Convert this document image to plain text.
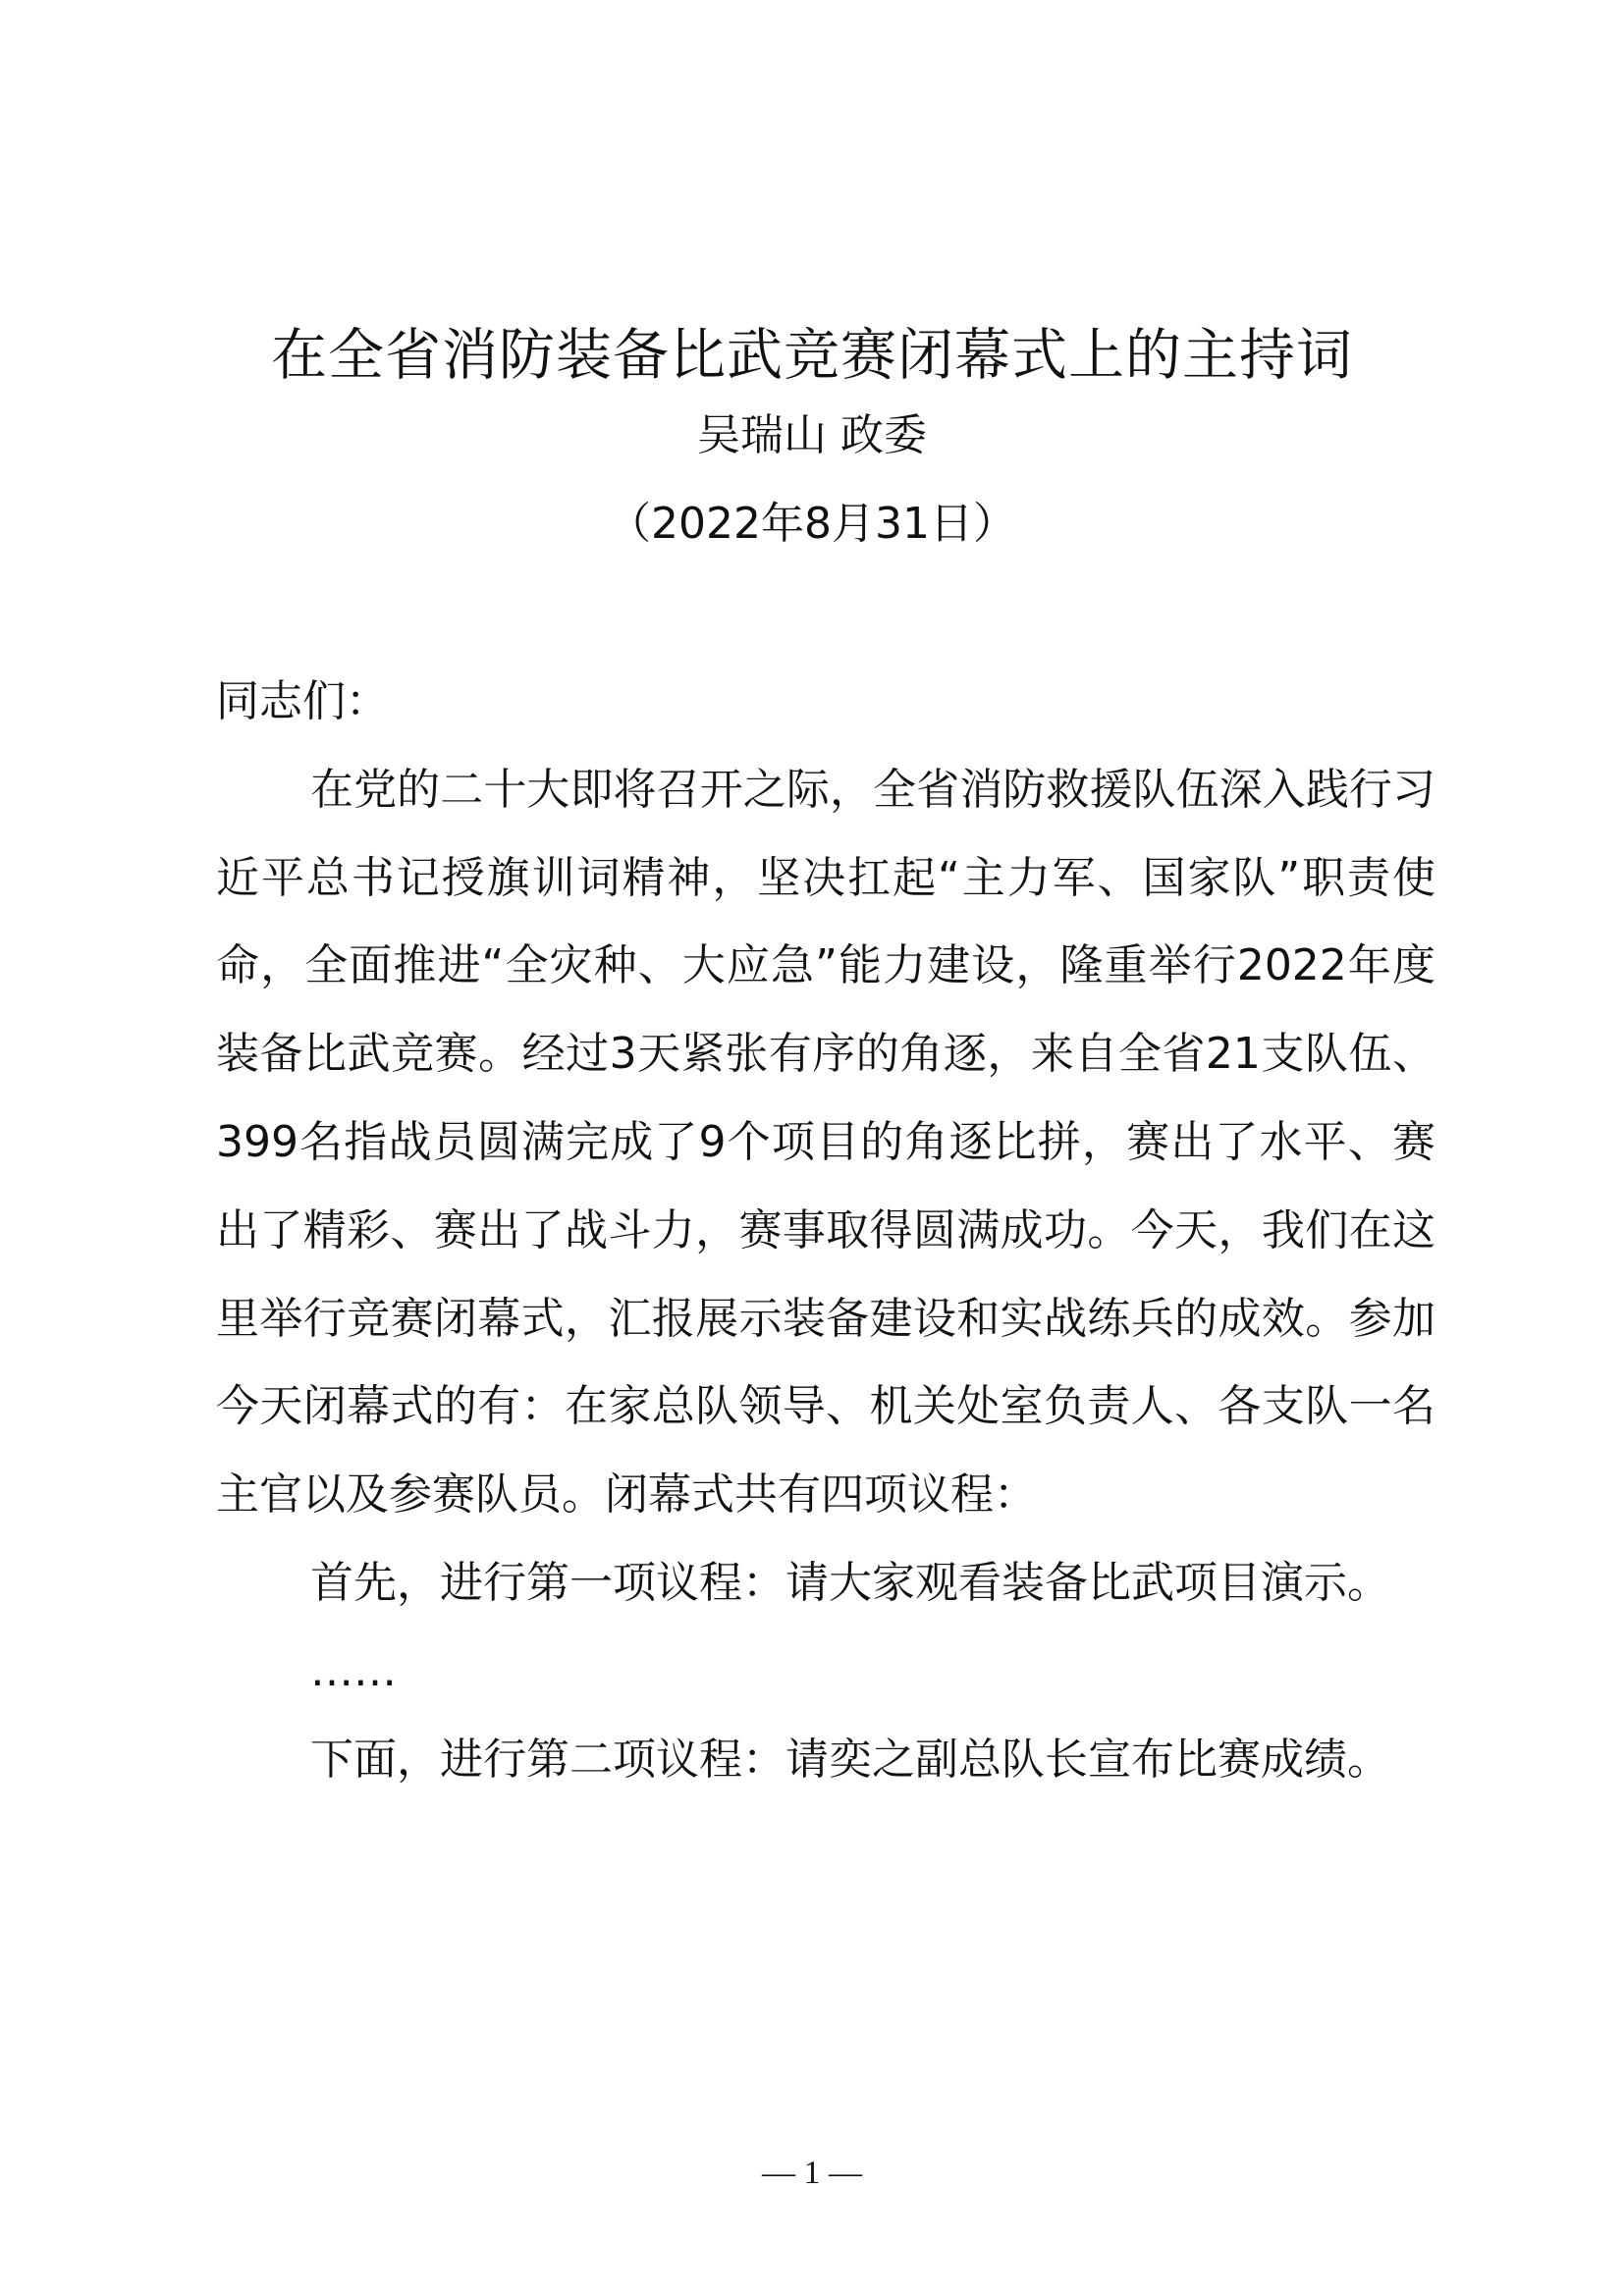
在全省消防装备比武竞赛闭幕式上的主持词
吴瑞山 政委
（2022年8月31日）

同志们：

在党的二十大即将召开之际，全省消防救援队伍深入践行习近平总书记授旗训词精神，坚决扛起“主力军、国家队”职责使命，全面推进“全灾种、大应急”能力建设，隆重举行2022年度装备比武竞赛。经过3天紧张有序的角逐，来自全省21支队伍、399名指战员圆满完成了9个项目的角逐比拼，赛出了水平、赛出了精彩、赛出了战斗力，赛事取得圆满成功。今天，我们在这里举行竞赛闭幕式，汇报展示装备建设和实战练兵的成效。参加今天闭幕式的有：在家总队领导、机关处室负责人、各支队一名主官以及参赛队员。闭幕式共有四项议程：

首先，进行第一项议程：请大家观看装备比武项目演示。

……

下面，进行第二项议程：请奕之副总队长宣布比赛成绩。

— 1 —
